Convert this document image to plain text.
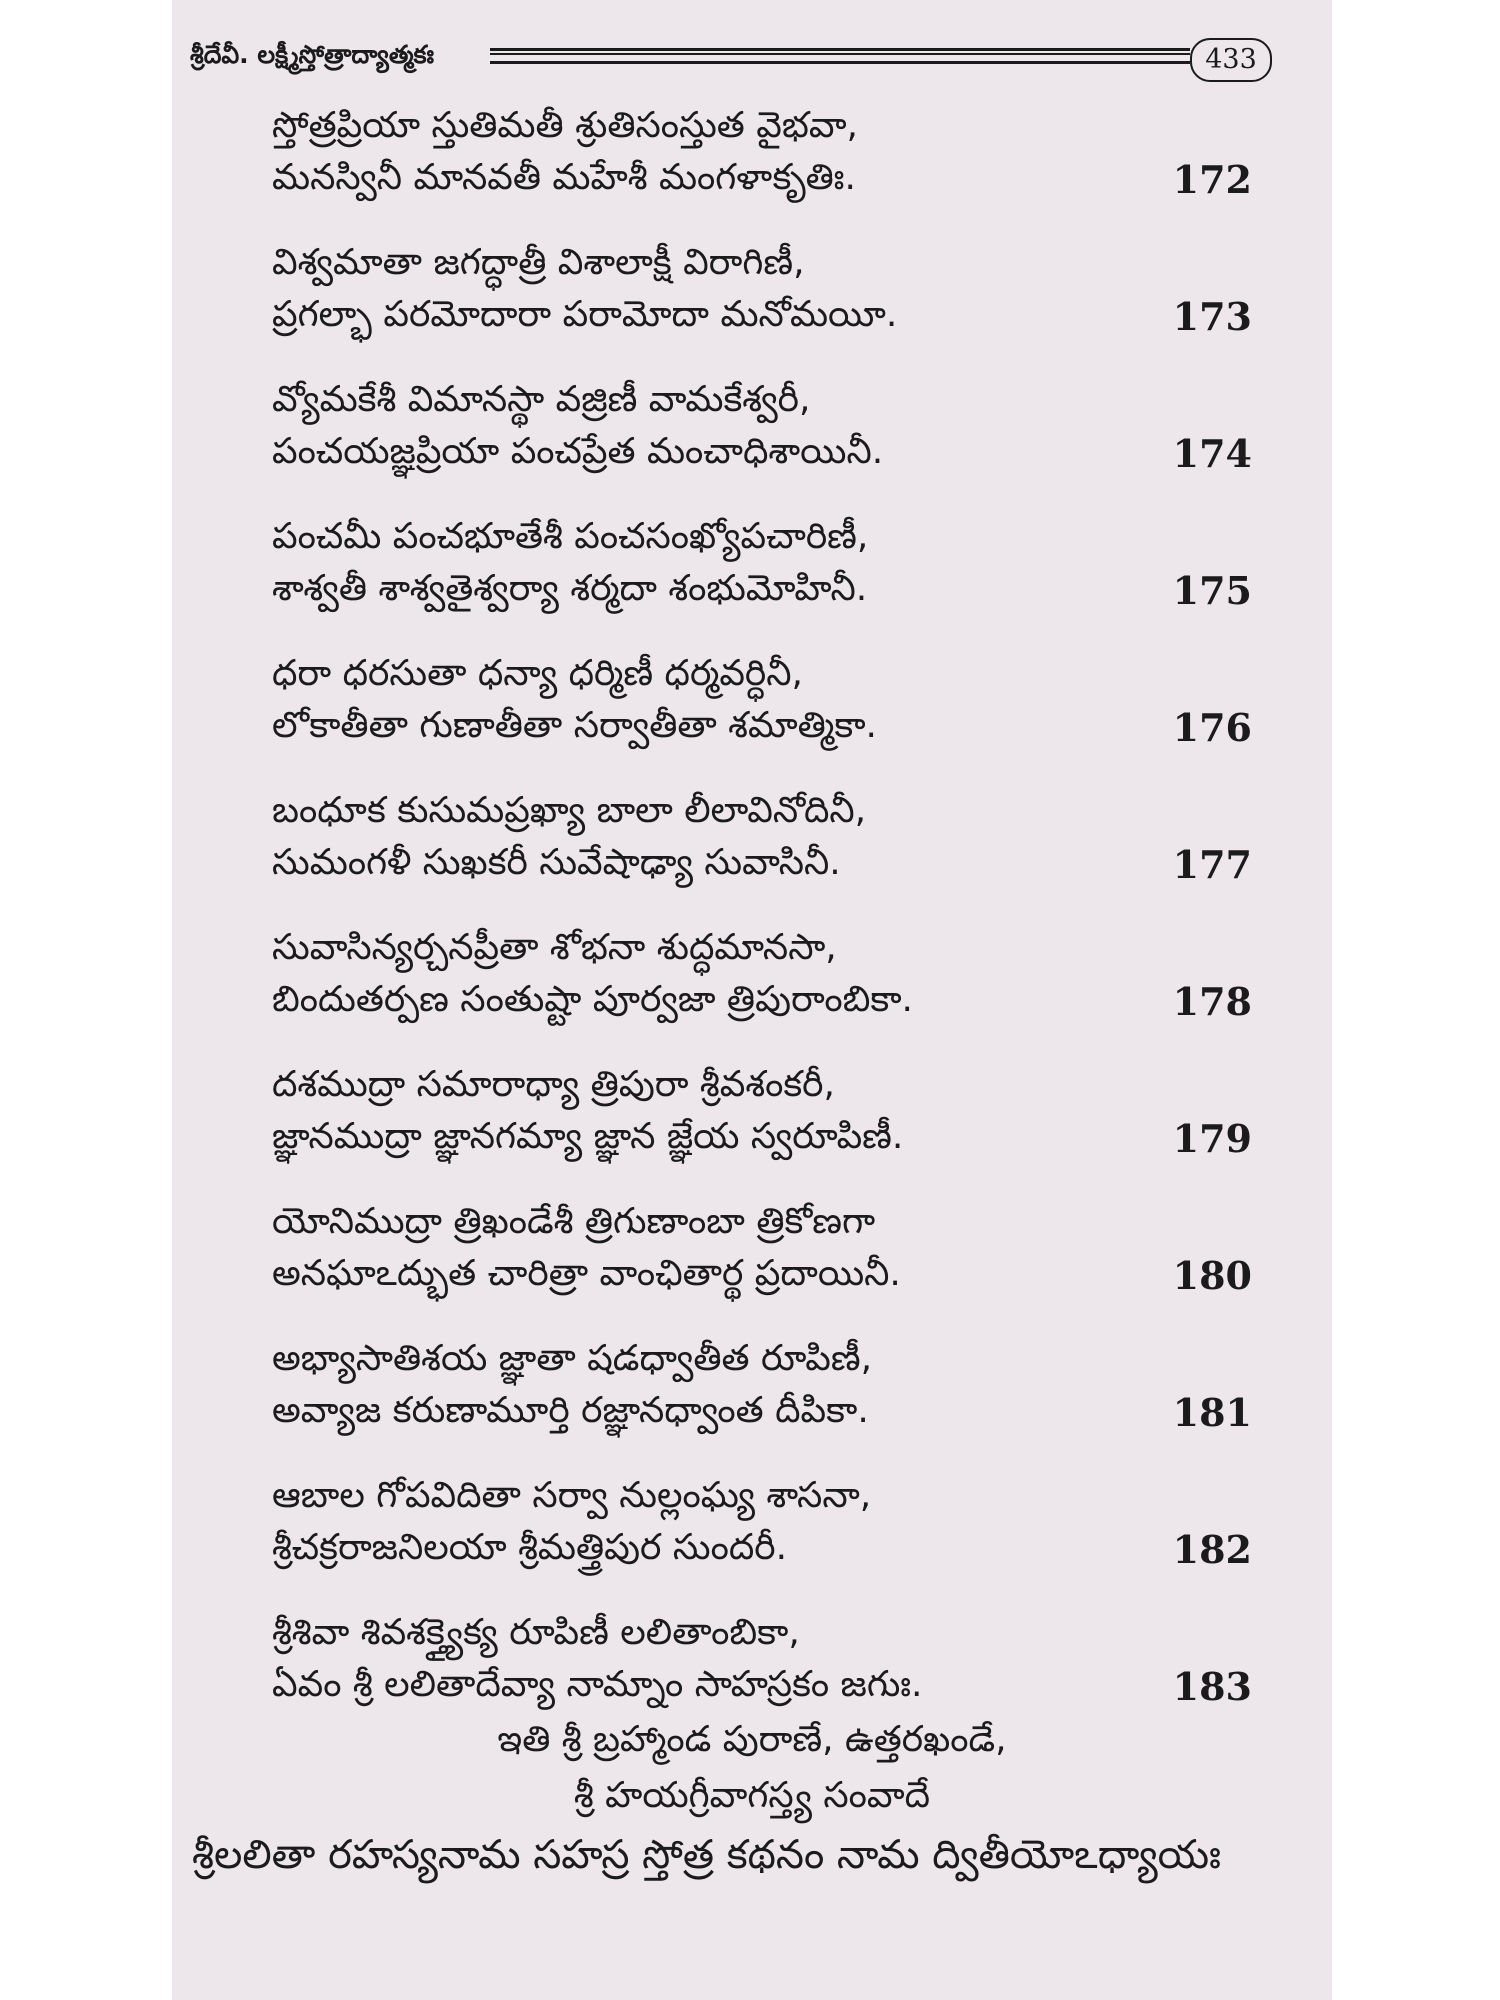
శ్రీదేవీ. లక్ష్మీస్తోత్రాద్యాత్మకః	433
స్తోత్రప్రియా స్తుతిమతీ శ్రుతిసంస్తుత వైభవా,
మనస్వినీ మానవతీ మహేశీ మంగళాకృతిః.	172
విశ్వమాతా జగద్ధాత్రీ విశాలాక్షీ విరాగిణీ,
ప్రగల్భా పరమోదారా పరామోదా మనోమయీ.	173
వ్యోమకేశీ విమానస్థా వజ్రిణీ వామకేశ్వరీ,
పంచయజ్ఞప్రియా పంచప్రేత మంచాధిశాయినీ.	174
పంచమీ పంచభూతేశీ పంచసంఖ్యోపచారిణీ,
శాశ్వతీ శాశ్వతైశ్వర్యా శర్మదా శంభుమోహినీ.	175
ధరా ధరసుతా ధన్యా ధర్మిణీ ధర్మవర్ధినీ,
లోకాతీతా గుణాతీతా సర్వాతీతా శమాత్మికా.	176
బంధూక కుసుమప్రఖ్యా బాలా లీలావినోదినీ,
సుమంగళీ సుఖకరీ సువేషాఢ్యా సువాసినీ.	177
సువాసిన్యర్చనప్రీతా శోభనా శుద్ధమానసా,
బిందుతర్పణ సంతుష్టా పూర్వజా త్రిపురాంబికా.	178
దశముద్రా సమారాధ్యా త్రిపురా శ్రీవశంకరీ,
జ్ఞానముద్రా జ్ఞానగమ్యా జ్ఞాన జ్ఞేయ స్వరూపిణీ.	179
యోనిముద్రా త్రిఖండేశీ త్రిగుణాంబా త్రికోణగా
అనఘాఽద్భుత చారిత్రా వాంఛితార్థ ప్రదాయినీ.	180
అభ్యాసాతిశయ జ్ఞాతా షడధ్వాతీత రూపిణీ,
అవ్యాజ కరుణామూర్తి రజ్ఞానధ్వాంత దీపికా.	181
ఆబాల గోపవిదితా సర్వా నుల్లంఘ్య శాసనా,
శ్రీచక్రరాజనిలయా శ్రీమత్త్రిపుర సుందరీ.	182
శ్రీశివా శివశక్త్యైక్య రూపిణీ లలితాంబికా,
ఏవం శ్రీ లలితాదేవ్యా నామ్నాం సాహస్రకం జగుః.	183
ఇతి శ్రీ బ్రహ్మాండ పురాణే, ఉత్తరఖండే,
శ్రీ హయగ్రీవాగస్త్య సంవాదే
శ్రీలలితా రహస్యనామ సహస్ర స్తోత్ర కథనం నామ ద్వితీయోఽధ్యాయః
